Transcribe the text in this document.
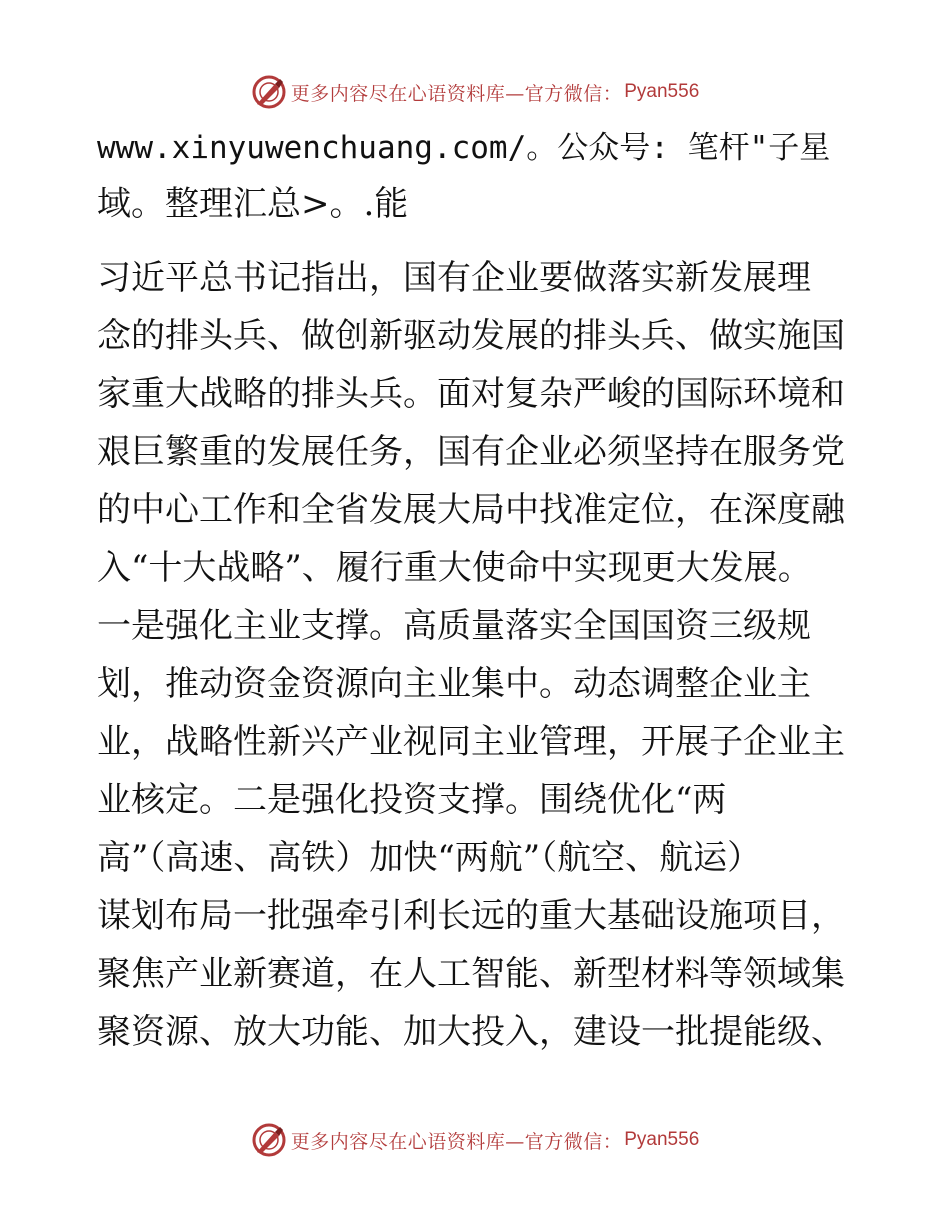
更多内容尽在心语资料库—官方微信： Pyan556
www.xinyuwenchuang.com/。公众号: 笔杆"子星
域。整理汇总>。.能
习近平总书记指出，国有企业要做落实新发展理
念的排头兵、做创新驱动发展的排头兵、做实施国
家重大战略的排头兵。面对复杂严峻的国际环境和
艰巨繁重的发展任务，国有企业必须坚持在服务党
的中心工作和全省发展大局中找准定位，在深度融
入“十大战略”、履行重大使命中实现更大发展。
一是强化主业支撑。高质量落实全国国资三级规
划，推动资金资源向主业集中。动态调整企业主
业，战略性新兴产业视同主业管理，开展子企业主
业核定。二是强化投资支撑。围绕优化“两
高”（高速、高铁）加快“两航”（航空、航运）
谋划布局一批强牵引利长远的重大基础设施项目，
聚焦产业新赛道，在人工智能、新型材料等领域集
聚资源、放大功能、加大投入，建设一批提能级、
更多内容尽在心语资料库—官方微信： Pyan556
